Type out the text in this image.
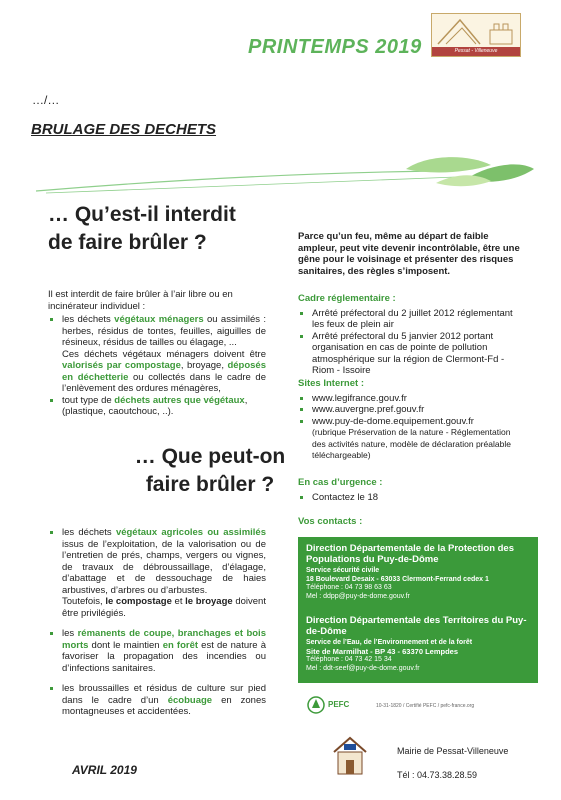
PRINTEMPS 2019	Pessat - Villeneuve
…/…
BRULAGE DES DECHETS
… Qu’est-il interdit
de faire brûler ?
Il est interdit de faire brûler à l’air libre ou en incinérateur individuel :
▪ les déchets végétaux ménagers ou assimilés : herbes, résidus de tontes, feuilles, aiguilles de résineux, résidus de tailles ou élagage, ...
Ces déchets végétaux ménagers doivent être valorisés par compostage, broyage, déposés en déchetterie ou collectés dans le cadre de l’enlèvement des ordures ménagères,
▪ tout type de déchets autres que végétaux, (plastique, caoutchouc, ..).
… Que peut-on
faire brûler ?
▪ les déchets végétaux agricoles ou assimilés issus de l’exploitation, de la valorisation ou de l’entretien de prés, champs, vergers ou vignes, de travaux de débroussaillage, d’élagage, d’abattage et de dessouchage de haies arbustives, d’arbres ou d’arbustes.
Toutefois, le compostage et le broyage doivent être privilégiés.
▪ les rémanents de coupe, branchages et bois morts dont le maintien en forêt est de nature à favoriser la propagation des incendies ou d’infections sanitaires.
▪ les broussailles et résidus de culture sur pied dans le cadre d’un écobuage en zones montagneuses et accidentées.
Parce qu’un feu, même au départ de faible ampleur, peut vite devenir incontrôlable, être une gêne pour le voisinage et présenter des risques sanitaires, des règles s’imposent.
Cadre réglementaire :
▪ Arrêté préfectoral du 2 juillet 2012 réglementant les feux de plein air
▪ Arrêté préfectoral du 5 janvier 2012 portant organisation en cas de pointe de pollution atmosphérique sur la région de Clermont-Fd - Riom - Issoire
Sites Internet :
▪ www.legifrance.gouv.fr
▪ www.auvergne.pref.gouv.fr
▪ www.puy-de-dome.equipement.gouv.fr
(rubrique Préservation de la nature - Réglementation des activités nature, modèle de déclaration préalable téléchargeable)
En cas d’urgence :
▪ Contactez le 18
Vos contacts :
Direction Départementale de la Protection des Populations du Puy-de-Dôme
Service sécurité civile
18 Boulevard Desaix - 63033 Clermont-Ferrand cedex 1
Téléphone : 04 73 98 63 63
Mel : ddpp@puy-de-dome.gouv.fr
Direction Départementale des Territoires du Puy-de-Dôme
Service de l’Eau, de l’Environnement et de la forêt
Site de Marmilhat - BP 43 - 63370 Lempdes
Téléphone : 04 73 42 15 34
Mel : ddt-seef@puy-de-dome.gouv.fr
PEFC	10-31-1820 / Certifié PEFC / pefc-france.org
AVRIL 2019
Mairie de Pessat-Villeneuve
Tél : 04.73.38.28.59
